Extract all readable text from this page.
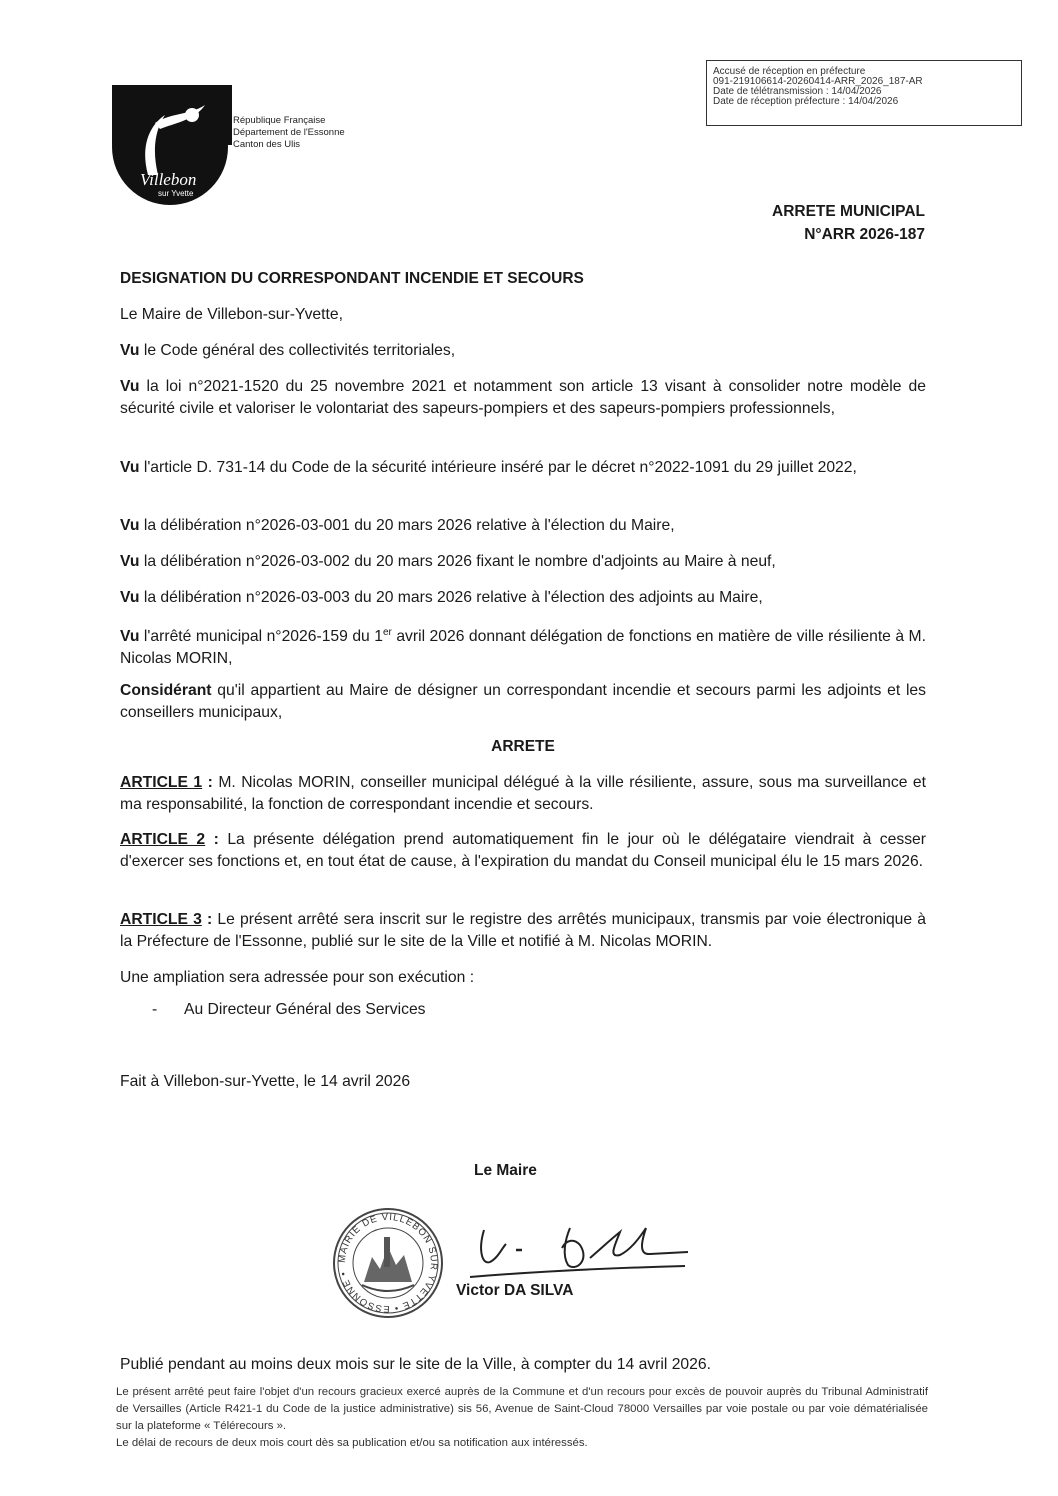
Accusé de réception en préfecture
091-219106614-20260414-ARR_2026_187-AR
Date de télétransmission : 14/04/2026
Date de réception préfecture : 14/04/2026
Villebon
sur Yvette
République Française
Département de l'Essonne
Canton des Ulis
ARRETE MUNICIPAL
N°ARR 2026-187
DESIGNATION DU CORRESPONDANT INCENDIE ET SECOURS
Le Maire de Villebon-sur-Yvette,
Vu le Code général des collectivités territoriales,
Vu la loi n°2021-1520 du 25 novembre 2021 et notamment son article 13 visant à consolider notre modèle de sécurité civile et valoriser le volontariat des sapeurs-pompiers et des sapeurs-pompiers professionnels,
Vu l'article D. 731-14 du Code de la sécurité intérieure inséré par le décret n°2022-1091 du 29 juillet 2022,
Vu la délibération n°2026-03-001 du 20 mars 2026 relative à l'élection du Maire,
Vu la délibération n°2026-03-002 du 20 mars 2026 fixant le nombre d'adjoints au Maire à neuf,
Vu la délibération n°2026-03-003 du 20 mars 2026 relative à l'élection des adjoints au Maire,
Vu l'arrêté municipal n°2026-159 du 1er avril 2026 donnant délégation de fonctions en matière de ville résiliente à M. Nicolas MORIN,
Considérant qu'il appartient au Maire de désigner un correspondant incendie et secours parmi les adjoints et les conseillers municipaux,
ARRETE
ARTICLE 1 : M. Nicolas MORIN, conseiller municipal délégué à la ville résiliente, assure, sous ma surveillance et ma responsabilité, la fonction de correspondant incendie et secours.
ARTICLE 2 : La présente délégation prend automatiquement fin le jour où le délégataire viendrait à cesser d'exercer ses fonctions et, en tout état de cause, à l'expiration du mandat du Conseil municipal élu le 15 mars 2026.
ARTICLE 3 : Le présent arrêté sera inscrit sur le registre des arrêtés municipaux, transmis par voie électronique à la Préfecture de l'Essonne, publié sur le site de la Ville et notifié à M. Nicolas MORIN.
Une ampliation sera adressée pour son exécution :
- Au Directeur Général des Services
Fait à Villebon-sur-Yvette, le 14 avril 2026
Le Maire
MAIRIE DE VILLEBON SUR YVETTE • ESSONNE •
Victor DA SILVA
Publié pendant au moins deux mois sur le site de la Ville, à compter du 14 avril 2026.
Le présent arrêté peut faire l'objet d'un recours gracieux exercé auprès de la Commune et d'un recours pour excès de pouvoir auprès du Tribunal Administratif de Versailles (Article R421-1 du Code de la justice administrative) sis 56, Avenue de Saint-Cloud 78000 Versailles par voie postale ou par voie dématérialisée sur la plateforme « Télérecours ».
Le délai de recours de deux mois court dès sa publication et/ou sa notification aux intéressés.
